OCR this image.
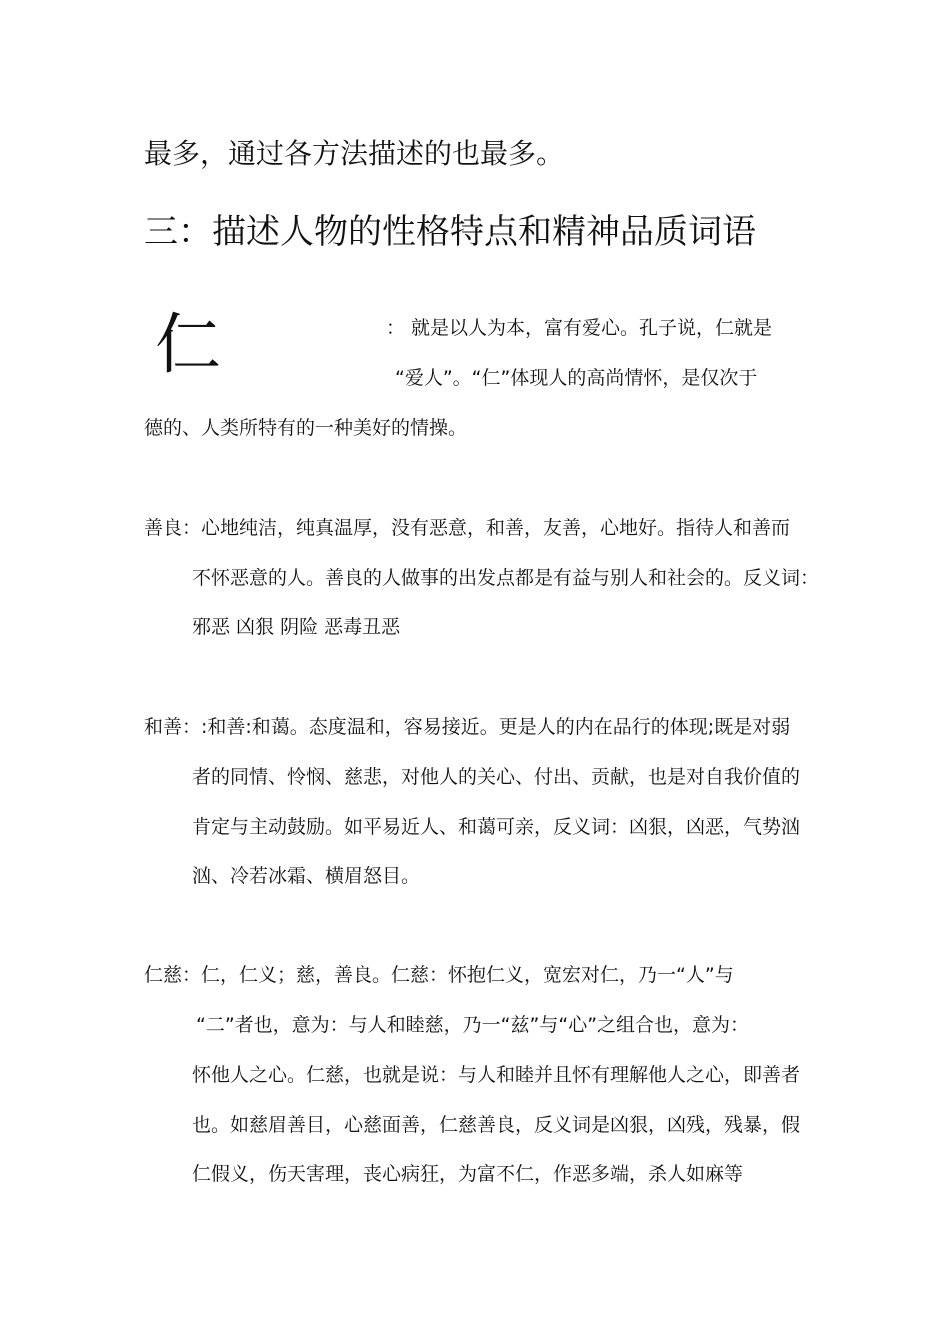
最多，通过各方法描述的也最多。
三：描述人物的性格特点和精神品质词语
仁	： 就是以人为本，富有爱心。孔子说，仁就是
“爱人”。“仁”体现人的高尚情怀，是仅次于
德的、人类所特有的一种美好的情操。
善良：心地纯洁，纯真温厚，没有恶意，和善，友善，心地好。指待人和善而
不怀恶意的人。善良的人做事的出发点都是有益与别人和社会的。反义词：
邪恶 凶狠 阴险 恶毒丑恶
和善：:和善:和蔼。态度温和，容易接近。更是人的内在品行的体现;既是对弱
者的同情、怜悯、慈悲，对他人的关心、付出、贡献，也是对自我价值的
肯定与主动鼓励。如平易近人、和蔼可亲，反义词：凶狠，凶恶，气势汹
汹、冷若冰霜、横眉怒目。
仁慈：仁，仁义；慈，善良。仁慈：怀抱仁义，宽宏对仁，乃一“人”与
“二”者也，意为：与人和睦慈，乃一“兹”与“心”之组合也，意为：
怀他人之心。仁慈，也就是说：与人和睦并且怀有理解他人之心，即善者
也。如慈眉善目，心慈面善，仁慈善良，反义词是凶狠，凶残，残暴，假
仁假义，伤天害理，丧心病狂，为富不仁，作恶多端，杀人如麻等
